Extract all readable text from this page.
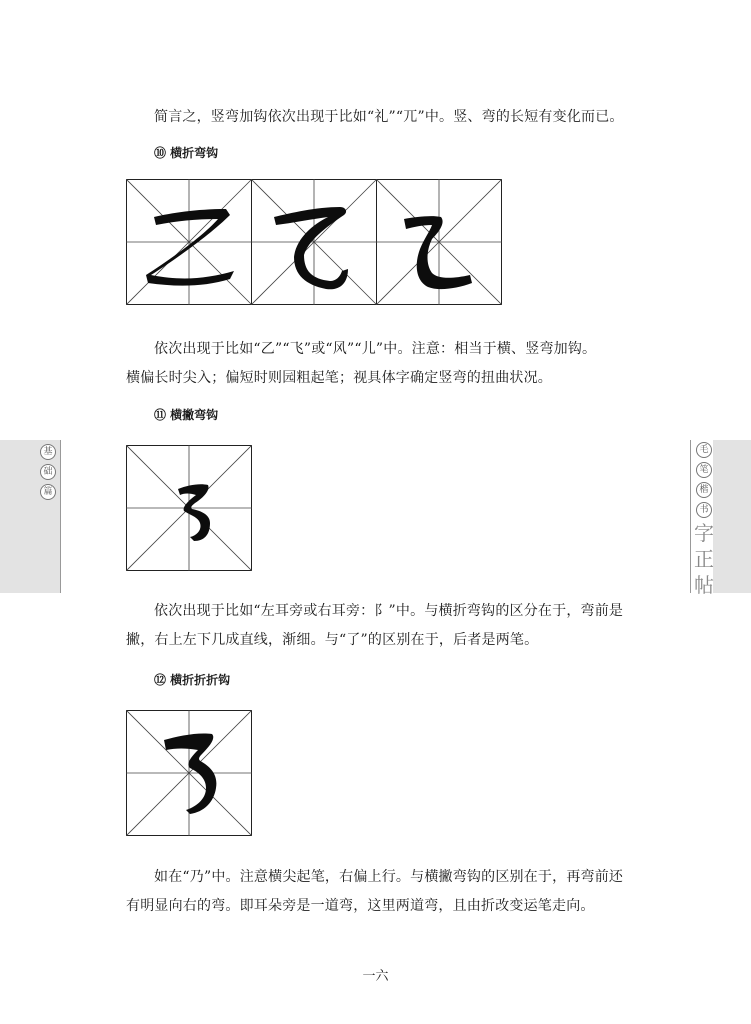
基
础
篇
毛
笔
楷
书
字
正
帖
简言之，竖弯加钩依次出现于比如“礼”“兀”中。竖、弯的长短有变化而已。
⑩ 横折弯钩
依次出现于比如“乙”“飞”或“风”“儿”中。注意：相当于横、竖弯加钩。
横偏长时尖入；偏短时则园粗起笔；视具体字确定竖弯的扭曲状况。
⑪ 横撇弯钩
依次出现于比如“左耳旁或右耳旁：阝”中。与横折弯钩的区分在于，弯前是
撇，右上左下几成直线，渐细。与“了”的区别在于，后者是两笔。
⑫ 横折折折钩
如在“乃”中。注意横尖起笔，右偏上行。与横撇弯钩的区别在于，再弯前还
有明显向右的弯。即耳朵旁是一道弯，这里两道弯，且由折改变运笔走向。
一六
